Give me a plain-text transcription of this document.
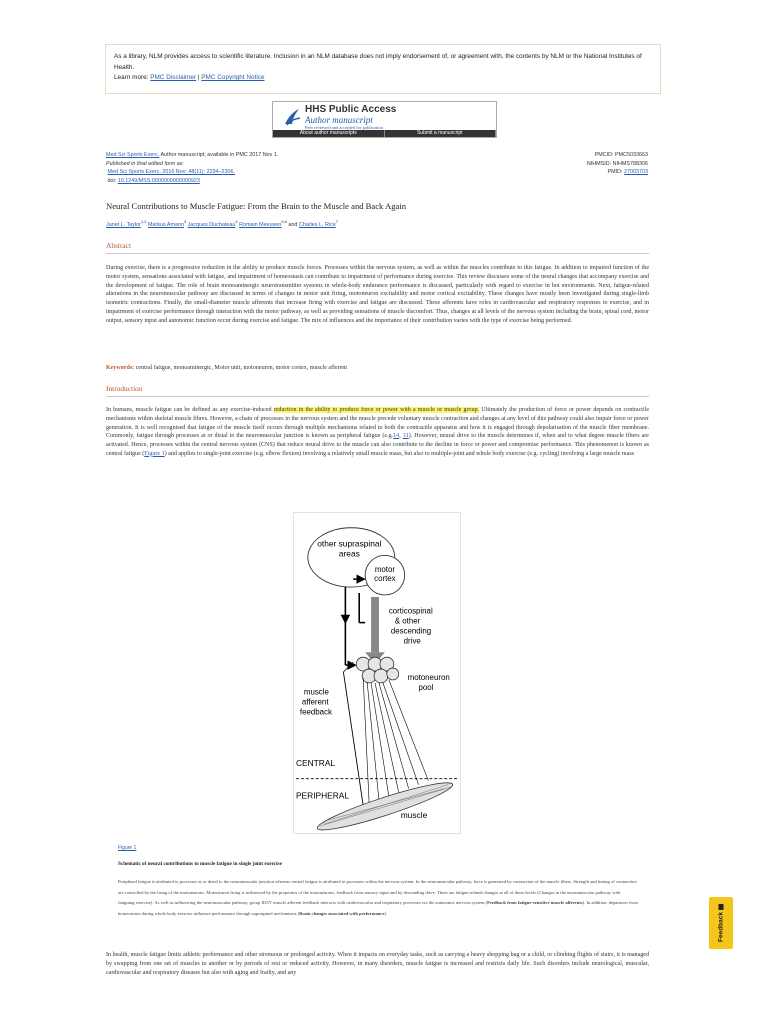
As a library, NLM provides access to scientific literature. Inclusion in an NLM database does not imply endorsement of, or agreement with, the contents by NLM or the National Institutes of Health.
Learn more: PMC Disclaimer | PMC Copyright Notice
HHS Public Access
Author manuscript
Peer reviewed and accepted for publication
About author manuscripts	Submit a manuscript
Med Sci Sports Exerc. Author manuscript; available in PMC 2017 Nov 1.
Published in final edited form as:
Med Sci Sports Exerc. 2016 Nov; 48(11): 2294–2306.
doi: 10.1249/MSS.0000000000000923
PMCID: PMC5033663
NIHMSID: NIHMS788306
PMID: 27003703
Neural Contributions to Muscle Fatigue: From the Brain to the Muscle and Back Again
Janet L. Taylor$^{1,2}$ Markus Amann$^3$ Jacques Duchateau$^4$ Romain Meeusen$^{5,6}$ and Charles L. Rice$^7$
Abstract
During exercise, there is a progressive reduction in the ability to produce muscle forces. Processes within the nervous system, as well as within the muscles contribute to this fatigue. In addition to impaired function of the motor system, sensations associated with fatigue, and impairment of homeostasis can contribute to impairment of performance during exercise. This review discusses some of the neural changes that accompany exercise and the development of fatigue. The role of brain monoaminergic neurotransmitter systems in whole-body endurance performance is discussed, particularly with regard to exercise in hot environments. Next, fatigue-related alterations in the neuromuscular pathway are discussed in terms of changes in motor unit firing, motoneuron excitability and motor cortical excitability. These changes have mostly been investigated during single-limb isometric contractions. Finally, the small-diameter muscle afferents that increase firing with exercise and fatigue are discussed. These afferents have roles in cardiovascular and respiratory responses to exercise, and in impairment of exercise performance through interaction with the motor pathway, as well as providing sensations of muscle discomfort. Thus, changes at all levels of the nervous system including the brain, spinal cord, motor output, sensory input and autonomic function occur during exercise and fatigue. The mix of influences and the importance of their contribution varies with the type of exercise being performed.
Keywords: central fatigue, monoaminergic, Motor unit, motoneuron, motor cortex, muscle afferent
Introduction
In humans, muscle fatigue can be defined as any exercise-induced reduction in the ability to produce force or power with a muscle or muscle group. Ultimately the production of force or power depends on contractile mechanisms within skeletal muscle fibres. However, a chain of processes in the nervous system and the muscle precede voluntary muscle contraction and changes at any level of this pathway could also impair force or power generation. It is well recognised that fatigue of the muscle itself occurs through multiple mechanisms related to both the contractile apparatus and how it is engaged through depolarisation of the muscle fiber membrane. Commonly, fatigue through processes at or distal to the neuromuscular junction is known as peripheral fatigue (e.g.14, 31). However, neural drive to the muscle determines if, when and to what degree muscle fibers are activated. Hence, processes within the central nervous system (CNS) that reduce neural drive to the muscle can also contribute to the decline in force or power and compromise performance. This phenomenon is known as central fatigue (Figure 1) and applies to single-joint exercise (e.g. elbow flexion) involving a relatively small muscle mass, but also to multiple-joint and whole body exercise (e.g. cycling) involving a large muscle mass
other supraspinal
areas
motor
cortex
corticospinal
& other
descending
drive
motoneuron
pool
muscle
afferent
feedback
CENTRAL
PERIPHERAL
muscle
Figure 1
Schematic of neural contributions to muscle fatigue in single joint exercise
Peripheral fatigue is attributed to processes at or distal to the neuromuscular junction whereas central fatigue is attributed to processes within the nervous system. In the neuromuscular pathway, force is generated by contraction of the muscle fibers. Strength and timing of contraction are controlled by the firing of the motoneurons. Motoneuron firing is influenced by the properties of the motoneurons, feedback from sensory input and by descending drive. There are fatigue-related changes at all of these levels (Changes in the neuromuscular pathway with fatiguing exercise). As well as influencing the neuromuscular pathway, group III/IV muscle afferent feedback interacts with cardiovascular and respiratory processes via the autonomic nervous system (Feedback from fatigue-sensitive muscle afferents). In addition, departures from homeostasis during whole body exercise influence performance through supraspinal mechanisms (Brain changes associated with performance).
In health, muscle fatigue limits athletic performance and other strenuous or prolonged activity. When it impacts on everyday tasks, such as carrying a heavy shopping bag or a child, or climbing flights of stairs, it is managed by swapping from one set of muscles to another or by periods of rest or reduced activity. However, in many disorders, muscle fatigue is increased and restricts daily life. Such disorders include neurological, muscular, cardiovascular and respiratory diseases but also with aging and frailty, and any
Feedback
